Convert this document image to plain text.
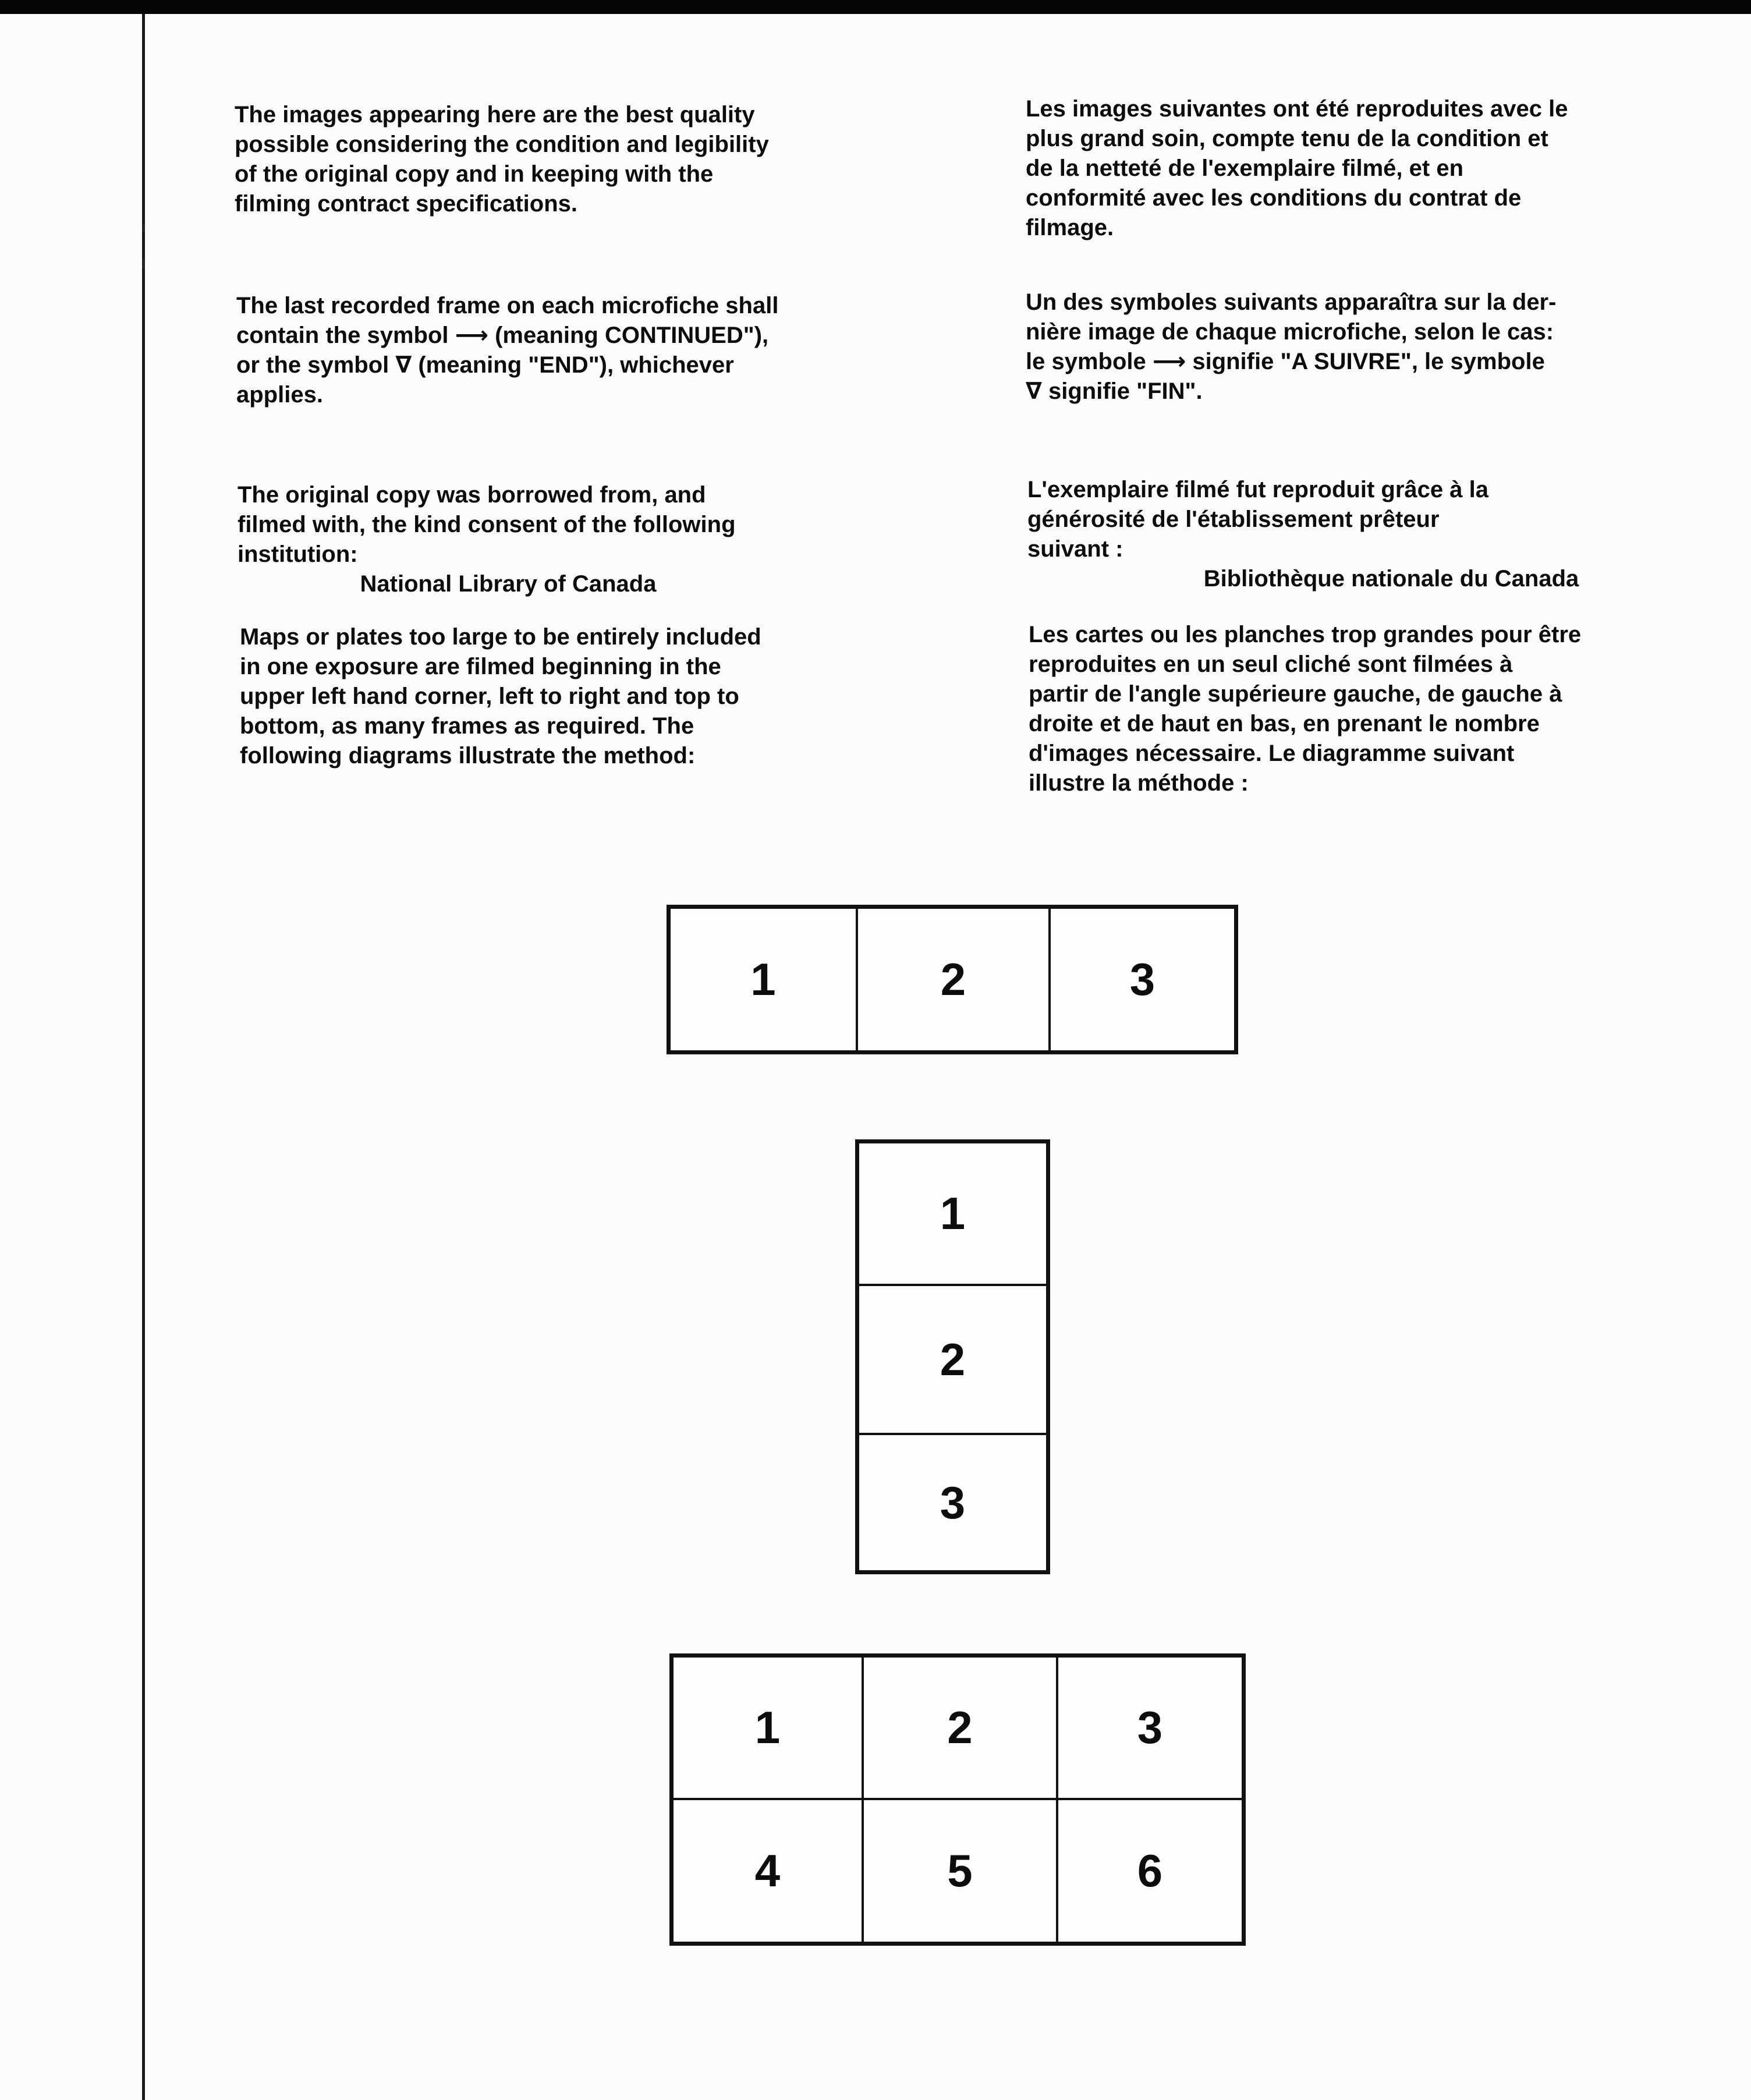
The images appearing here are the best quality
possible considering the condition and legibility
of the original copy and in keeping with the
filming contract specifications.

The last recorded frame on each microfiche shall
contain the symbol ⟶ (meaning CONTINUED"),
or the symbol ∇ (meaning "END"), whichever
applies.

The original copy was borrowed from, and
filmed with, the kind consent of the following
institution:

National Library of Canada

Maps or plates too large to be entirely included
in one exposure are filmed beginning in the
upper left hand corner, left to right and top to
bottom, as many frames as required. The
following diagrams illustrate the method:

Les images suivantes ont été reproduites avec le
plus grand soin, compte tenu de la condition et
de la netteté de l'exemplaire filmé, et en
conformité avec les conditions du contrat de
filmage.

Un des symboles suivants apparaîtra sur la der-
nière image de chaque microfiche, selon le cas:
le symbole ⟶ signifie "A SUIVRE", le symbole
∇ signifie "FIN".

L'exemplaire filmé fut reproduit grâce à la
générosité de l'établissement prêteur
suivant :

Bibliothèque nationale du Canada

Les cartes ou les planches trop grandes pour être
reproduites en un seul cliché sont filmées à
partir de l'angle supérieure gauche, de gauche à
droite et de haut en bas, en prenant le nombre
d'images nécessaire. Le diagramme suivant
illustre la méthode :

1	2	3
1
2
3
1	2	3
4	5	6
